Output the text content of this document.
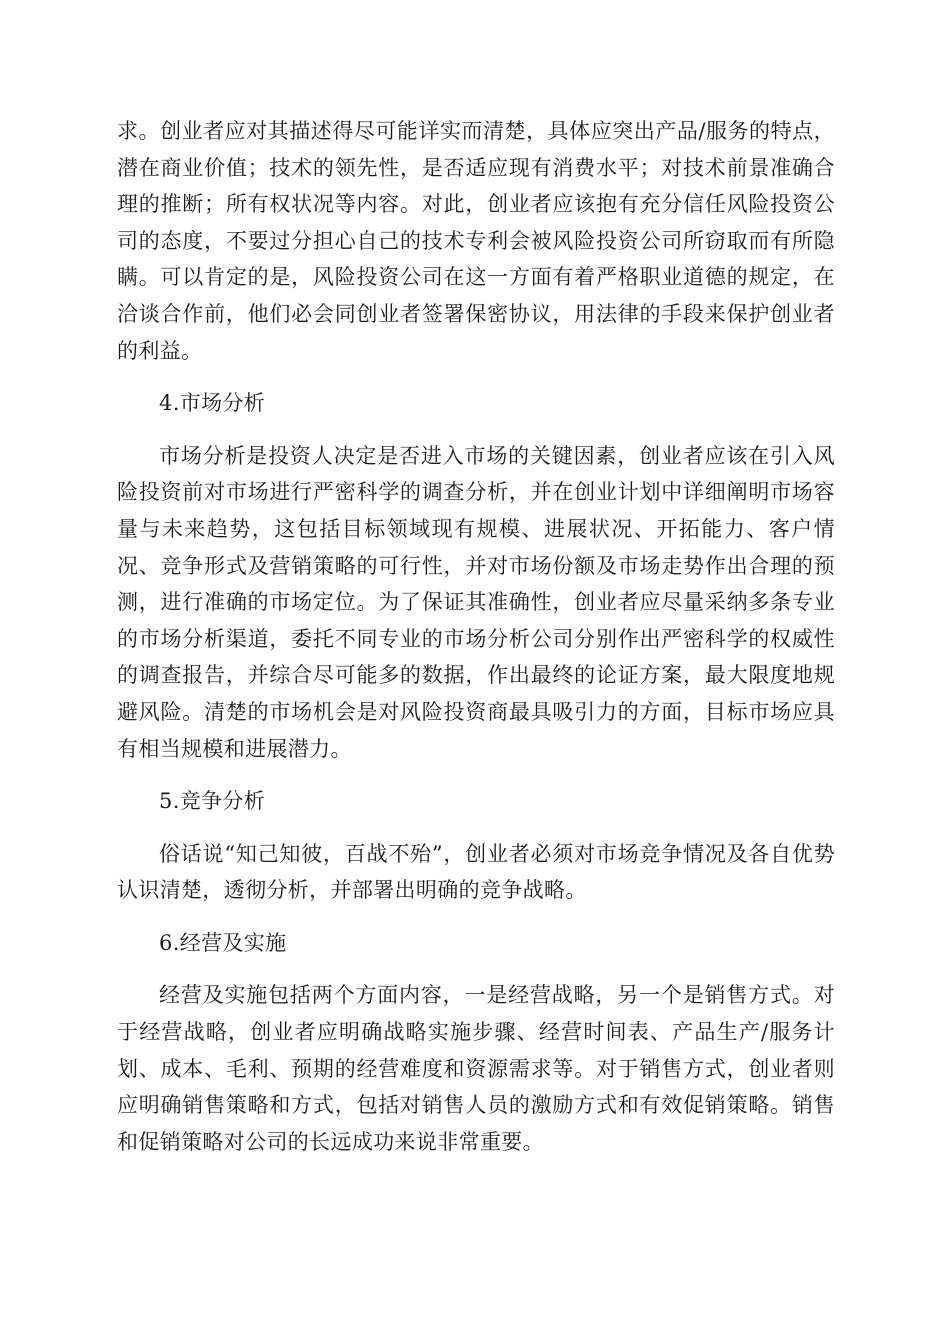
求。创业者应对其描述得尽可能详实而清楚，具体应突出产品/服务的特点，潜在商业价值；技术的领先性，是否适应现有消费水平；对技术前景准确合理的推断；所有权状况等内容。对此，创业者应该抱有充分信任风险投资公司的态度，不要过分担心自己的技术专利会被风险投资公司所窃取而有所隐瞒。可以肯定的是，风险投资公司在这一方面有着严格职业道德的规定，在洽谈合作前，他们必会同创业者签署保密协议，用法律的手段来保护创业者的利益。

4.市场分析

市场分析是投资人决定是否进入市场的关键因素，创业者应该在引入风险投资前对市场进行严密科学的调查分析，并在创业计划中详细阐明市场容量与未来趋势，这包括目标领域现有规模、进展状况、开拓能力、客户情况、竞争形式及营销策略的可行性，并对市场份额及市场走势作出合理的预测，进行准确的市场定位。为了保证其准确性，创业者应尽量采纳多条专业的市场分析渠道，委托不同专业的市场分析公司分别作出严密科学的权威性的调查报告，并综合尽可能多的数据，作出最终的论证方案，最大限度地规避风险。清楚的市场机会是对风险投资商最具吸引力的方面，目标市场应具有相当规模和进展潜力。

5.竞争分析

俗话说“知己知彼，百战不殆”，创业者必须对市场竞争情况及各自优势认识清楚，透彻分析，并部署出明确的竞争战略。

6.经营及实施

经营及实施包括两个方面内容，一是经营战略，另一个是销售方式。对于经营战略，创业者应明确战略实施步骤、经营时间表、产品生产/服务计划、成本、毛利、预期的经营难度和资源需求等。对于销售方式，创业者则应明确销售策略和方式，包括对销售人员的激励方式和有效促销策略。销售和促销策略对公司的长远成功来说非常重要。
